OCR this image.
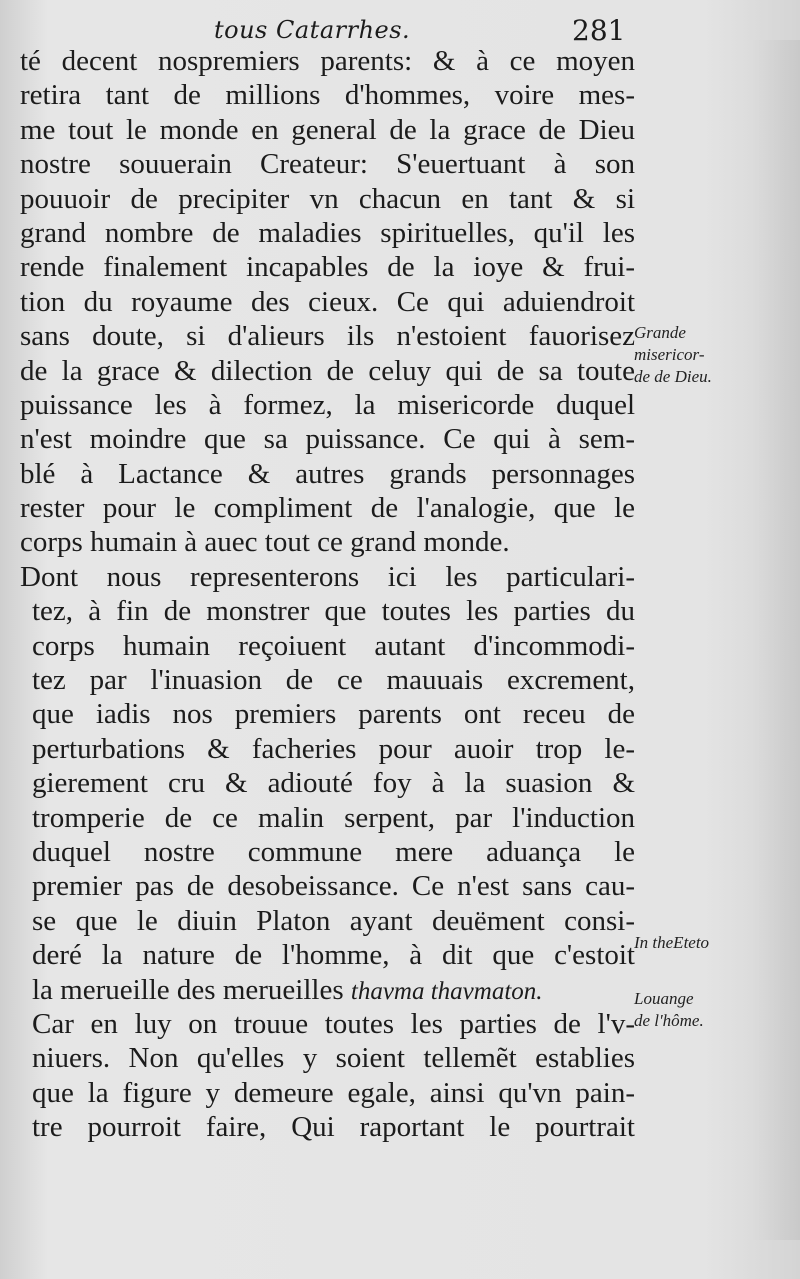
tous Catarrhes.	281
té decent nospremiers parents: & à ce moyen
retira tant de millions d'hommes, voire mes-
me tout le monde en general de la grace de Dieu
nostre souuerain Createur: S'euertuant à son
pouuoir de precipiter vn chacun en tant & si
grand nombre de maladies spirituelles, qu'il les
rende finalement incapables de la ioye & frui-
tion du royaume des cieux. Ce qui aduiendroit
sans doute, si d'alieurs ils n'estoient fauorisez
de la grace & dilection de celuy qui de sa toute
puissance les à formez, la misericorde duquel
n'est moindre que sa puissance. Ce qui à sem-
blé à Lactance & autres grands personnages
rester pour le compliment de l'analogie, que le
corps humain à auec tout ce grand monde.
Dont nous representerons ici les particulari-
tez, à fin de monstrer que toutes les parties du
corps humain reçoiuent autant d'incommodi-
tez par l'inuasion de ce mauuais excrement,
que iadis nos premiers parents ont receu de
perturbations & facheries pour auoir trop le-
gierement cru & adiouté foy à la suasion &
tromperie de ce malin serpent, par l'induction
duquel nostre commune mere aduança le
premier pas de desobeissance. Ce n'est sans cau-
se que le diuin Platon ayant deuëment consi-
deré la nature de l'homme, à dit que c'estoit
la merueille des merueilles thavma thavmaton.
Car en luy on trouue toutes les parties de l'v-
niuers. Non qu'elles y soient tellemẽt establies
que la figure y demeure egale, ainsi qu'vn pain-
tre pourroit faire, Qui raportant le pourtrait
Grande
misericor-
de de Dieu.
In theEteto
Louange
de l'hôme.
